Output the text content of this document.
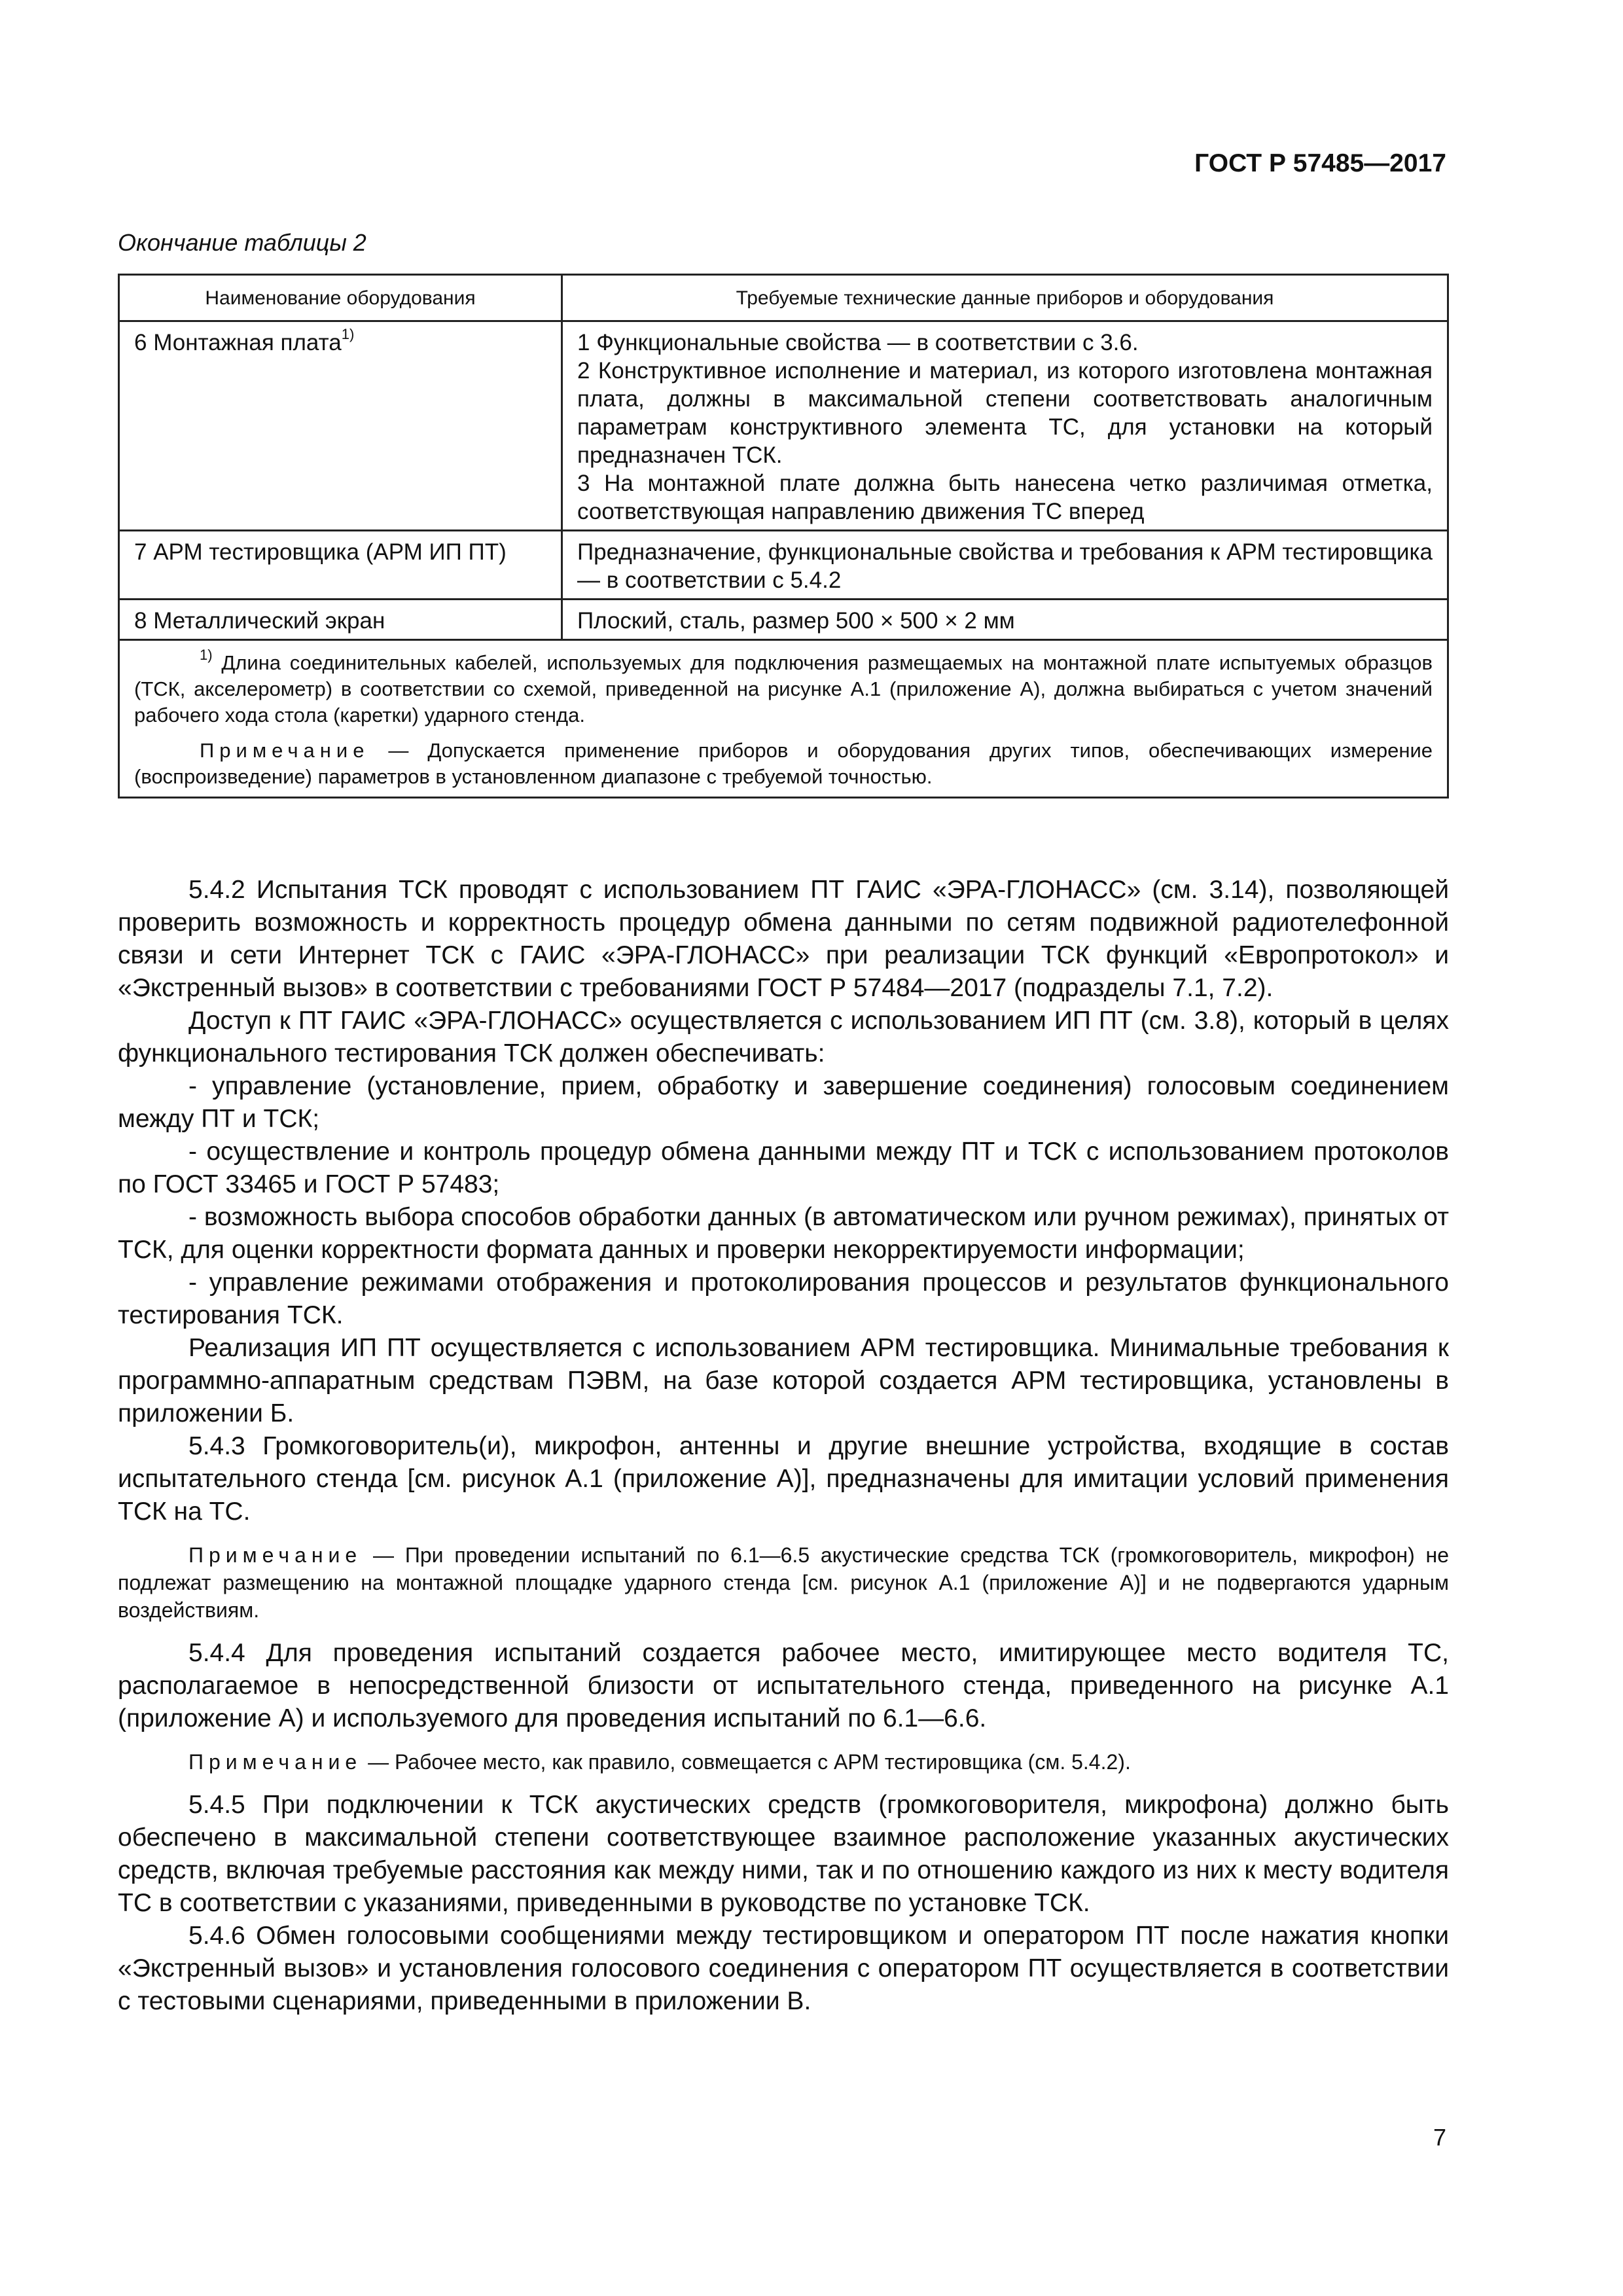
ГОСТ Р 57485—2017
Окончание таблицы 2
Наименование оборудования	Требуемые технические данные приборов и оборудования
6 Монтажная плата$^{1)}$	1 Функциональные свойства — в соответствии с 3.6.
2 Конструктивное исполнение и материал, из которого изготовлена монтажная плата, должны в максимальной степени соответствовать аналогичным параметрам конструктивного элемента ТС, для установки на который предназначен ТСК.
3 На монтажной плате должна быть нанесена четко различимая отметка, соответствующая направлению движения ТС вперед

7 АРМ тестировщика (АРМ ИП ПТ)	Предназначение, функциональные свойства и требования к АРМ тестировщика — в соответствии с 5.4.2

8 Металлический экран	Плоский, сталь, размер 500 × 500 × 2 мм

$^{1)}$ Длина соединительных кабелей, используемых для подключения размещаемых на монтажной плате испытуемых образцов (ТСК, акселерометр) в соответствии со схемой, приведенной на рисунке А.1 (приложение А), должна выбираться с учетом значений рабочего хода стола (каретки) ударного стенда.

Примечание — Допускается применение приборов и оборудования других типов, обеспечивающих измерение (воспроизведение) параметров в установленном диапазоне с требуемой точностью.	

5.4.2 Испытания ТСК проводят с использованием ПТ ГАИС «ЭРА-ГЛОНАСС» (см. 3.14), позволяющей проверить возможность и корректность процедур обмена данными по сетям подвижной радиотелефонной связи и сети Интернет ТСК с ГАИС «ЭРА-ГЛОНАСС» при реализации ТСК функций «Европротокол» и «Экстренный вызов» в соответствии с требованиями ГОСТ Р 57484—2017 (подразделы 7.1, 7.2).

Доступ к ПТ ГАИС «ЭРА-ГЛОНАСС» осуществляется с использованием ИП ПТ (см. 3.8), который в целях функционального тестирования ТСК должен обеспечивать:

- управление (установление, прием, обработку и завершение соединения) голосовым соединением между ПТ и ТСК;

- осуществление и контроль процедур обмена данными между ПТ и ТСК с использованием протоколов по ГОСТ 33465 и ГОСТ Р 57483;

- возможность выбора способов обработки данных (в автоматическом или ручном режимах), принятых от ТСК, для оценки корректности формата данных и проверки некорректируемости информации;

- управление режимами отображения и протоколирования процессов и результатов функционального тестирования ТСК.

Реализация ИП ПТ осуществляется с использованием АРМ тестировщика. Минимальные требования к программно-аппаратным средствам ПЭВМ, на базе которой создается АРМ тестировщика, установлены в приложении Б.

5.4.3 Громкоговоритель(и), микрофон, антенны и другие внешние устройства, входящие в состав испытательного стенда [см. рисунок А.1 (приложение А)], предназначены для имитации условий применения ТСК на ТС.

Примечание — При проведении испытаний по 6.1—6.5 акустические средства ТСК (громкоговоритель, микрофон) не подлежат размещению на монтажной площадке ударного стенда [см. рисунок А.1 (приложение А)] и не подвергаются ударным воздействиям.

5.4.4 Для проведения испытаний создается рабочее место, имитирующее место водителя ТС, располагаемое в непосредственной близости от испытательного стенда, приведенного на рисунке А.1 (приложение А) и используемого для проведения испытаний по 6.1—6.6.

Примечание — Рабочее место, как правило, совмещается с АРМ тестировщика (см. 5.4.2).

5.4.5 При подключении к ТСК акустических средств (громкоговорителя, микрофона) должно быть обеспечено в максимальной степени соответствующее взаимное расположение указанных акустических средств, включая требуемые расстояния как между ними, так и по отношению каждого из них к месту водителя ТС в соответствии с указаниями, приведенными в руководстве по установке ТСК.

5.4.6 Обмен голосовыми сообщениями между тестировщиком и оператором ПТ после нажатия кнопки «Экстренный вызов» и установления голосового соединения с оператором ПТ осуществляется в соответствии с тестовыми сценариями, приведенными в приложении В.

7
